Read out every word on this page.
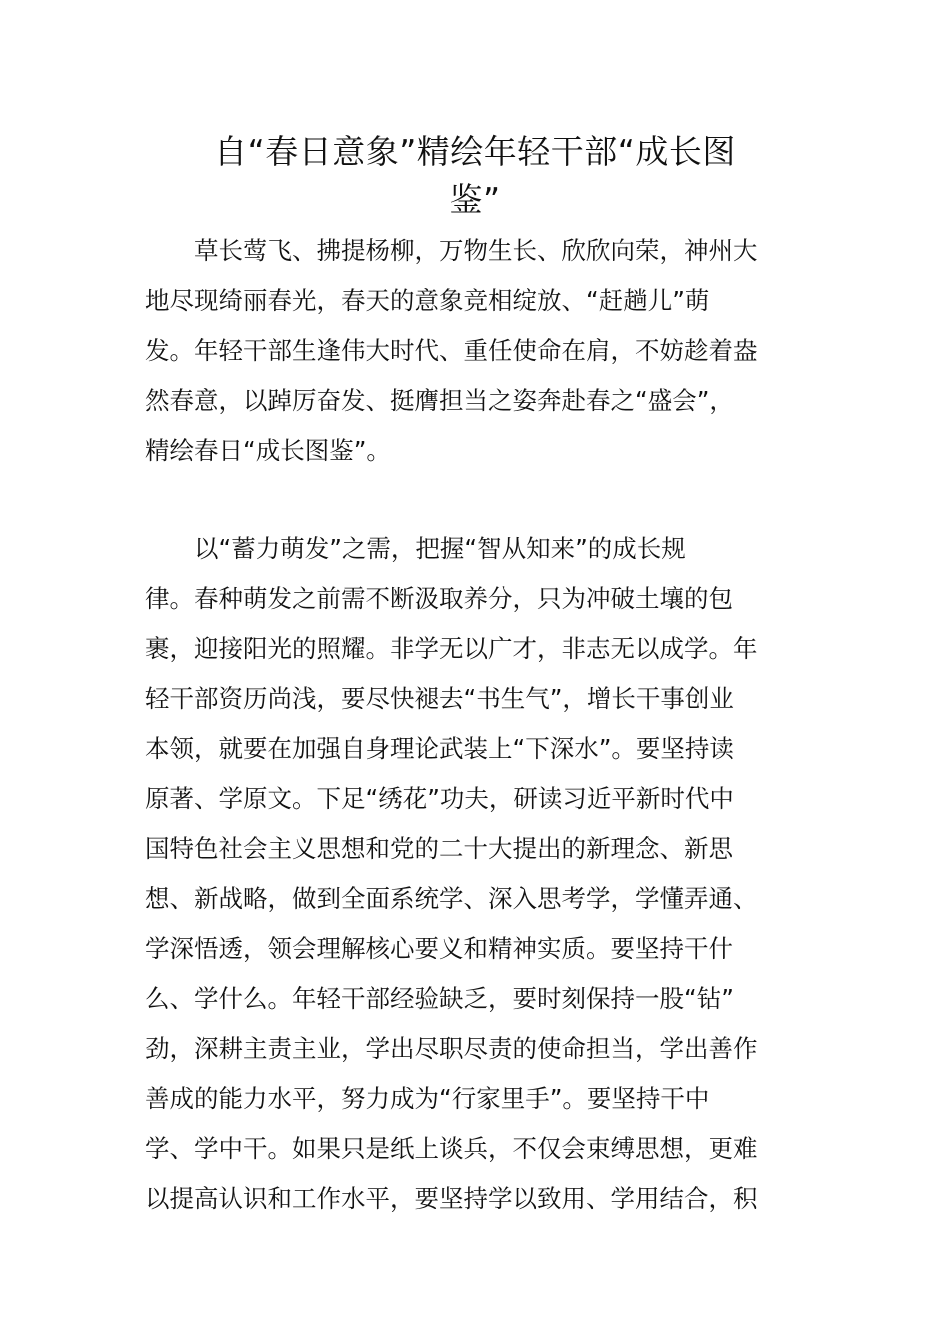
自“春日意象”精绘年轻干部“成长图
鉴”
草长莺飞、拂提杨柳，万物生长、欣欣向荣，神州大
地尽现绮丽春光，春天的意象竞相绽放、“赶趟儿”萌
发。年轻干部生逢伟大时代、重任使命在肩，不妨趁着盎
然春意，以踔厉奋发、挺膺担当之姿奔赴春之“盛会”，
精绘春日“成长图鉴”。
以“蓄力萌发”之需，把握“智从知来”的成长规
律。春种萌发之前需不断汲取养分，只为冲破土壤的包
裹，迎接阳光的照耀。非学无以广才，非志无以成学。年
轻干部资历尚浅，要尽快褪去“书生气”，增长干事创业
本领，就要在加强自身理论武装上“下深水”。要坚持读
原著、学原文。下足“绣花”功夫，研读习近平新时代中
国特色社会主义思想和党的二十大提出的新理念、新思
想、新战略，做到全面系统学、深入思考学，学懂弄通、
学深悟透，领会理解核心要义和精神实质。要坚持干什
么、学什么。年轻干部经验缺乏，要时刻保持一股“钻”
劲，深耕主责主业，学出尽职尽责的使命担当，学出善作
善成的能力水平，努力成为“行家里手”。要坚持干中
学、学中干。如果只是纸上谈兵，不仅会束缚思想，更难
以提高认识和工作水平，要坚持学以致用、学用结合，积
